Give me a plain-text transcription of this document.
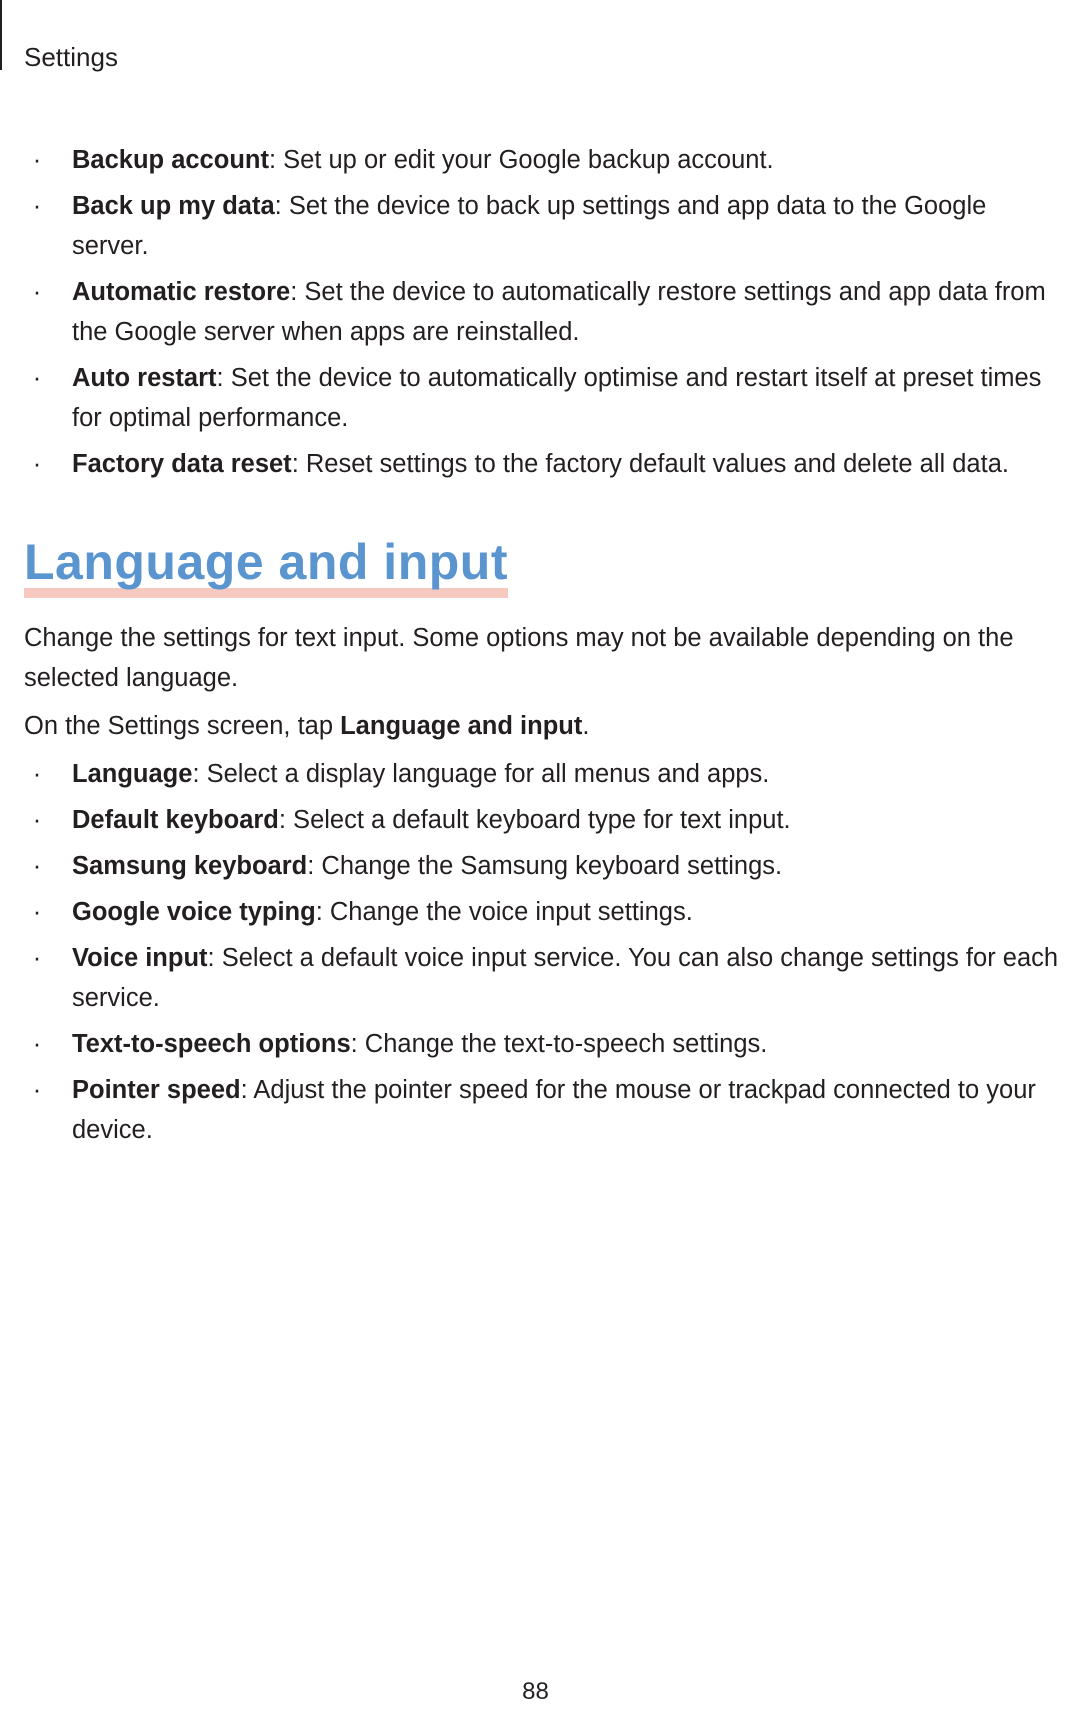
Settings
· Backup account: Set up or edit your Google backup account.
· Back up my data: Set the device to back up settings and app data to the Google server.
· Automatic restore: Set the device to automatically restore settings and app data from the Google server when apps are reinstalled.
· Auto restart: Set the device to automatically optimise and restart itself at preset times for optimal performance.
· Factory data reset: Reset settings to the factory default values and delete all data.
Language and input

Change the settings for text input. Some options may not be available depending on the selected language.

On the Settings screen, tap Language and input.

· Language: Select a display language for all menus and apps.
· Default keyboard: Select a default keyboard type for text input.
· Samsung keyboard: Change the Samsung keyboard settings.
· Google voice typing: Change the voice input settings.
· Voice input: Select a default voice input service. You can also change settings for each service.
· Text-to-speech options: Change the text-to-speech settings.
· Pointer speed: Adjust the pointer speed for the mouse or trackpad connected to your device.
88
